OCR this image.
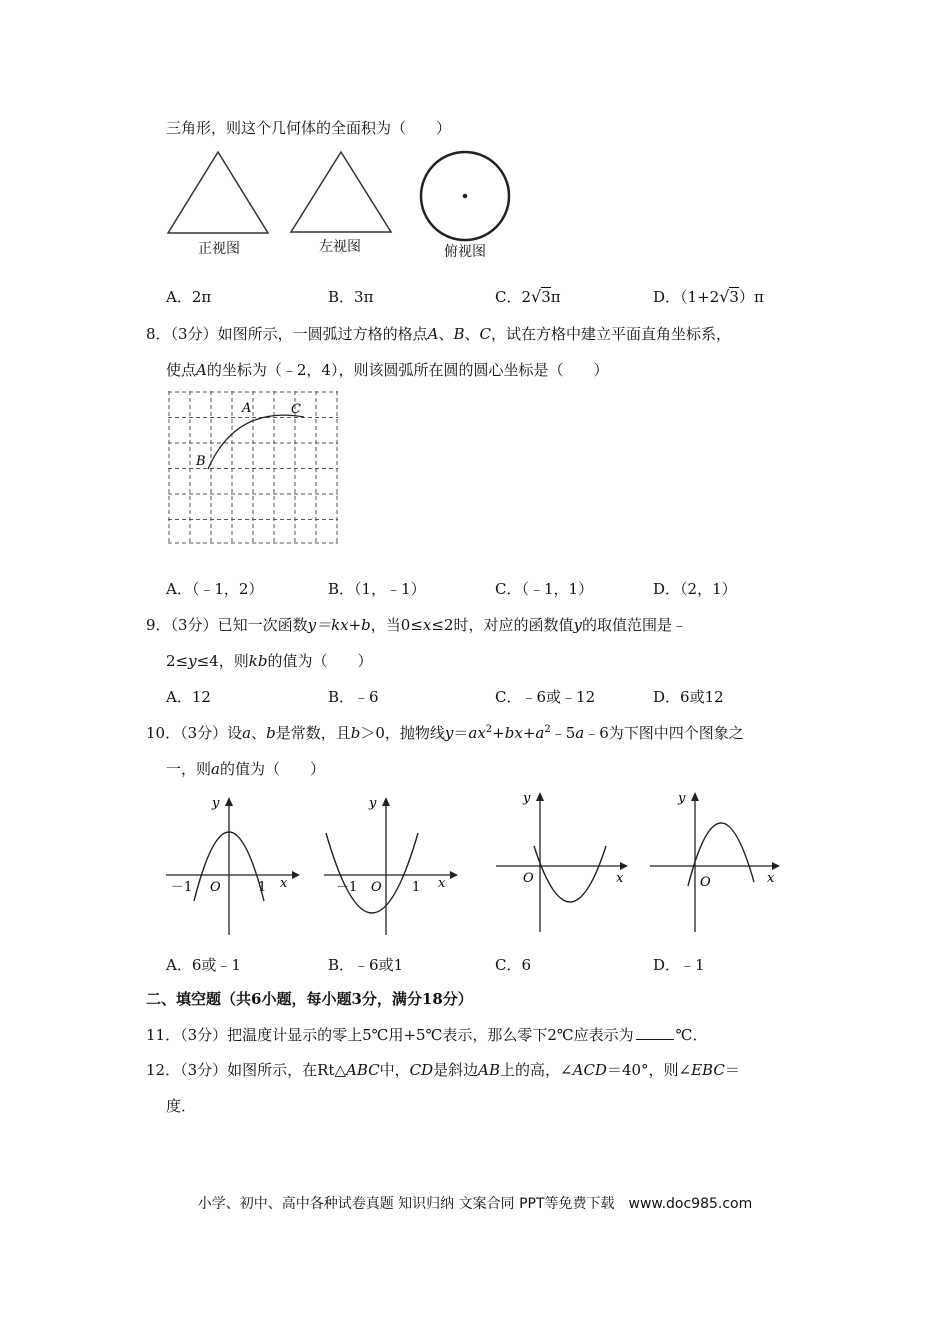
三角形，则这个几何体的全面积为（　　）
正视图	左视图	俯视图
A．2π	B．3π	C．2√3π	D．（1+2√3）π
8．（3分）如图所示，一圆弧过方格的格点A、B、C，试在方格中建立平面直角坐标系，
使点A的坐标为（﹣2，4），则该圆弧所在圆的圆心坐标是（　　）
A
B
C
A．（﹣1，2）	B．（1，﹣1）	C．（﹣1，1）	D．（2，1）
9．（3分）已知一次函数y＝kx+b，当0≤x≤2时，对应的函数值y的取值范围是﹣
2≤y≤4，则kb的值为（　　）
A．12	B．﹣6	C．﹣6或﹣12	D．6或12
10．（3分）设a、b是常数，且b＞0，抛物线$y=ax^2+bx+a^2﹣5a﹣6$为下图中四个图象之
一，则a的值为（　　）
y
x
O
－1	1
y
x
O
－1	1
y
x
O
y
x
O
A．6或﹣1	B．﹣6或1	C．6	D．﹣1
二、填空题（共6小题，每小题3分，满分18分）
11．（3分）把温度计显示的零上5℃用+5℃表示，那么零下2℃应表示为	℃．
12．（3分）如图所示，在Rt△ABC中，CD是斜边AB上的高，∠ACD＝40°，则∠EBC＝
度．
小学、初中、高中各种试卷真题 知识归纳 文案合同 PPT等免费下载　www.doc985.com
